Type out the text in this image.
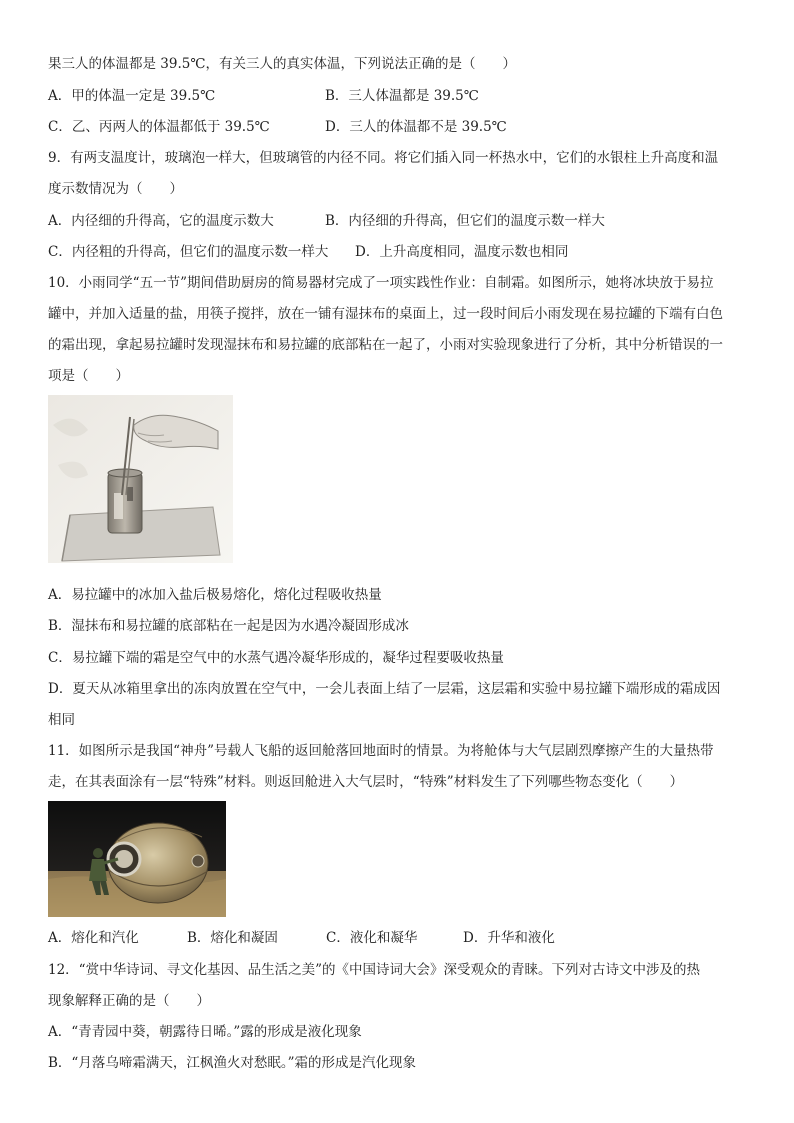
果三人的体温都是 39.5℃，有关三人的真实体温，下列说法正确的是（　　）
A．甲的体温一定是 39.5℃	B．三人体温都是 39.5℃
C．乙、丙两人的体温都低于 39.5℃	D．三人的体温都不是 39.5℃
9．有两支温度计，玻璃泡一样大，但玻璃管的内径不同。将它们插入同一杯热水中，它们的水银柱上升高度和温
度示数情况为（　　）
A．内径细的升得高，它的温度示数大	B．内径细的升得高，但它们的温度示数一样大
C．内径粗的升得高，但它们的温度示数一样大 D．上升高度相同，温度示数也相同
10．小雨同学“五一节”期间借助厨房的简易器材完成了一项实践性作业：自制霜。如图所示，她将冰块放于易拉
罐中，并加入适量的盐，用筷子搅拌，放在一铺有湿抹布的桌面上，过一段时间后小雨发现在易拉罐的下端有白色
的霜出现，拿起易拉罐时发现湿抹布和易拉罐的底部粘在一起了，小雨对实验现象进行了分析，其中分析错误的一
项是（　　）
A．易拉罐中的冰加入盐后极易熔化，熔化过程吸收热量
B．湿抹布和易拉罐的底部粘在一起是因为水遇冷凝固形成冰
C．易拉罐下端的霜是空气中的水蒸气遇冷凝华形成的，凝华过程要吸收热量
D．夏天从冰箱里拿出的冻肉放置在空气中，一会儿表面上结了一层霜，这层霜和实验中易拉罐下端形成的霜成因
相同
11．如图所示是我国“神舟”号载人飞船的返回舱落回地面时的情景。为将舱体与大气层剧烈摩擦产生的大量热带
走，在其表面涂有一层“特殊”材料。则返回舱进入大气层时，“特殊”材料发生了下列哪些物态变化（　　）
A．熔化和汽化	B．熔化和凝固	C．液化和凝华	D．升华和液化
12．“赏中华诗词、寻文化基因、品生活之美”的《中国诗词大会》深受观众的青睐。下列对古诗文中涉及的热
现象解释正确的是（　　）
A．“青青园中葵，朝露待日晞。”露的形成是液化现象
B．“月落乌啼霜满天，江枫渔火对愁眠。”霜的形成是汽化现象
